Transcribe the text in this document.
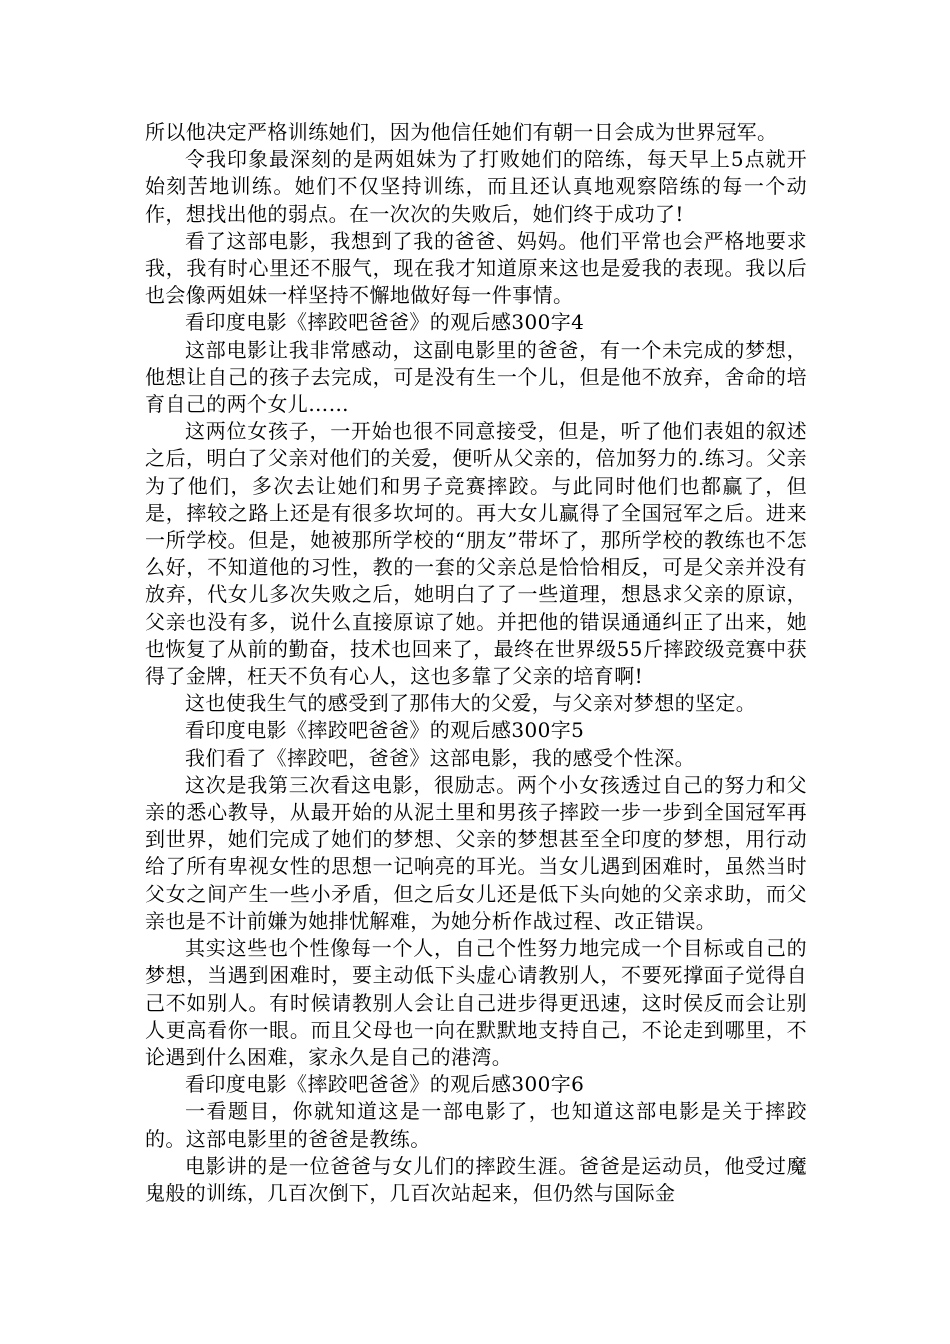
所以他决定严格训练她们，因为他信任她们有朝一日会成为世界冠军。

令我印象最深刻的是两姐妹为了打败她们的陪练，每天早上5点就开始刻苦地训练。她们不仅坚持训练，而且还认真地观察陪练的每一个动作，想找出他的弱点。在一次次的失败后，她们终于成功了!

看了这部电影，我想到了我的爸爸、妈妈。他们平常也会严格地要求我，我有时心里还不服气，现在我才知道原来这也是爱我的表现。我以后也会像两姐妹一样坚持不懈地做好每一件事情。

看印度电影《摔跤吧爸爸》的观后感300字4

这部电影让我非常感动，这副电影里的爸爸，有一个未完成的梦想，他想让自己的孩子去完成，可是没有生一个儿，但是他不放弃，舍命的培育自己的两个女儿……

这两位女孩子，一开始也很不同意接受，但是，听了他们表姐的叙述之后，明白了父亲对他们的关爱，便听从父亲的，倍加努力的.练习。父亲为了他们，多次去让她们和男子竞赛摔跤。与此同时他们也都赢了，但是，摔较之路上还是有很多坎坷的。再大女儿赢得了全国冠军之后。进来一所学校。但是，她被那所学校的“朋友”带坏了，那所学校的教练也不怎么好，不知道他的习性，教的一套的父亲总是恰恰相反，可是父亲并没有放弃，代女儿多次失败之后，她明白了了一些道理，想恳求父亲的原谅，父亲也没有多，说什么直接原谅了她。并把他的错误通通纠正了出来，她也恢复了从前的勤奋，技术也回来了，最终在世界级55斤摔跤级竞赛中获得了金牌，枉天不负有心人，这也多靠了父亲的培育啊!

这也使我生气的感受到了那伟大的父爱，与父亲对梦想的坚定。

看印度电影《摔跤吧爸爸》的观后感300字5

我们看了《摔跤吧，爸爸》这部电影，我的感受个性深。

这次是我第三次看这电影，很励志。两个小女孩透过自己的努力和父亲的悉心教导，从最开始的从泥土里和男孩子摔跤一步一步到全国冠军再到世界，她们完成了她们的梦想、父亲的梦想甚至全印度的梦想，用行动给了所有卑视女性的思想一记响亮的耳光。当女儿遇到困难时，虽然当时父女之间产生一些小矛盾，但之后女儿还是低下头向她的父亲求助，而父亲也是不计前嫌为她排忧解难，为她分析作战过程、改正错误。

其实这些也个性像每一个人，自己个性努力地完成一个目标或自己的梦想，当遇到困难时，要主动低下头虚心请教别人，不要死撑面子觉得自己不如别人。有时候请教别人会让自己进步得更迅速，这时侯反而会让别人更高看你一眼。而且父母也一向在默默地支持自己，不论走到哪里，不论遇到什么困难，家永久是自己的港湾。

看印度电影《摔跤吧爸爸》的观后感300字6

一看题目，你就知道这是一部电影了，也知道这部电影是关于摔跤的。这部电影里的爸爸是教练。

电影讲的是一位爸爸与女儿们的摔跤生涯。爸爸是运动员，他受过魔鬼般的训练，几百次倒下，几百次站起来，但仍然与国际金
